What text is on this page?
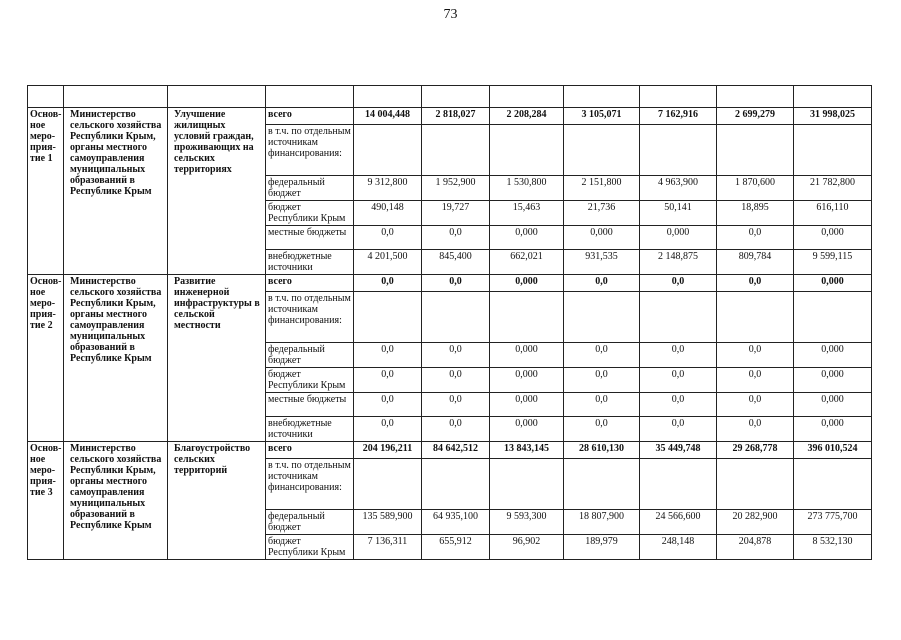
73

Основ-ное меро-прия-тие 1	Министерство сельского хозяйства Республики Крым, органы местного самоуправления муниципальных образований в Республике Крым	Улучшение жилищных условий граждан, проживающих на сельских территориях	всего	14 004,448	2 818,027	2 208,284	3 105,071	7 162,916	2 699,279	31 998,025
			в т.ч. по отдельным источникам финансирования:							
			федеральный бюджет	9 312,800	1 952,900	1 530,800	2 151,800	4 963,900	1 870,600	21 782,800
			бюджет Республики Крым	490,148	19,727	15,463	21,736	50,141	18,895	616,110
			местные бюджеты	0,0	0,0	0,000	0,000	0,000	0,0	0,000
			внебюджетные источники	4 201,500	845,400	662,021	931,535	2 148,875	809,784	9 599,115
Основ-ное меро-прия-тие 2	Министерство сельского хозяйства Республики Крым, органы местного самоуправления муниципальных образований в Республике Крым	Развитие инженерной инфраструктуры в сельской местности	всего	0,0	0,0	0,000	0,0	0,0	0,0	0,000
			в т.ч. по отдельным источникам финансирования:							
			федеральный бюджет	0,0	0,0	0,000	0,0	0,0	0,0	0,000
			бюджет Республики Крым	0,0	0,0	0,000	0,0	0,0	0,0	0,000
			местные бюджеты	0,0	0,0	0,000	0,0	0,0	0,0	0,000
			внебюджетные источники	0,0	0,0	0,000	0,0	0,0	0,0	0,000
Основ-ное меро-прия-тие 3	Министерство сельского хозяйства Республики Крым, органы местного самоуправления муниципальных образований в Республике Крым	Благоустройство сельских территорий	всего	204 196,211	84 642,512	13 843,145	28 610,130	35 449,748	29 268,778	396 010,524
			в т.ч. по отдельным источникам финансирования:							
			федеральный бюджет	135 589,900	64 935,100	9 593,300	18 807,900	24 566,600	20 282,900	273 775,700
			бюджет Республики Крым	7 136,311	655,912	96,902	189,979	248,148	204,878	8 532,130
